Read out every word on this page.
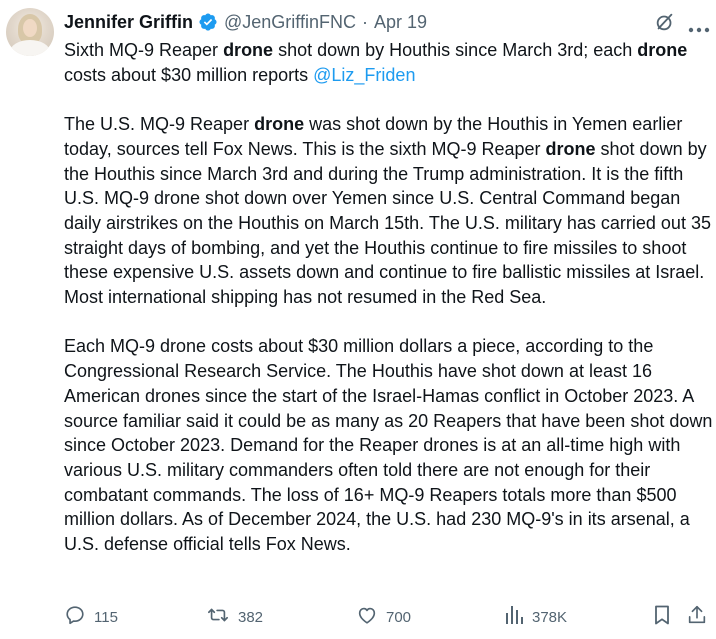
Jennifer Griffin @JenGriffinFNC · Apr 19
Sixth MQ-9 Reaper drone shot down by Houthis since March 3rd; each drone costs about $30 million reports @Liz_Friden

The U.S. MQ-9 Reaper drone was shot down by the Houthis in Yemen earlier today, sources tell Fox News. This is the sixth MQ-9 Reaper drone shot down by the Houthis since March 3rd and during the Trump administration. It is the fifth U.S. MQ-9 drone shot down over Yemen since U.S. Central Command began daily airstrikes on the Houthis on March 15th. The U.S. military has carried out 35 straight days of bombing, and yet the Houthis continue to fire missiles to shoot these expensive U.S. assets down and continue to fire ballistic missiles at Israel. Most international shipping has not resumed in the Red Sea.

Each MQ-9 drone costs about $30 million dollars a piece, according to the Congressional Research Service. The Houthis have shot down at least 16 American drones since the start of the Israel-Hamas conflict in October 2023. A source familiar said it could be as many as 20 Reapers that have been shot down since October 2023. Demand for the Reaper drones is at an all-time high with various U.S. military commanders often told there are not enough for their combatant commands. The loss of 16+ MQ-9 Reapers totals more than $500 million dollars. As of December 2024, the U.S. had 230 MQ-9's in its arsenal, a U.S. defense official tells Fox News.
115	382	700	378K
